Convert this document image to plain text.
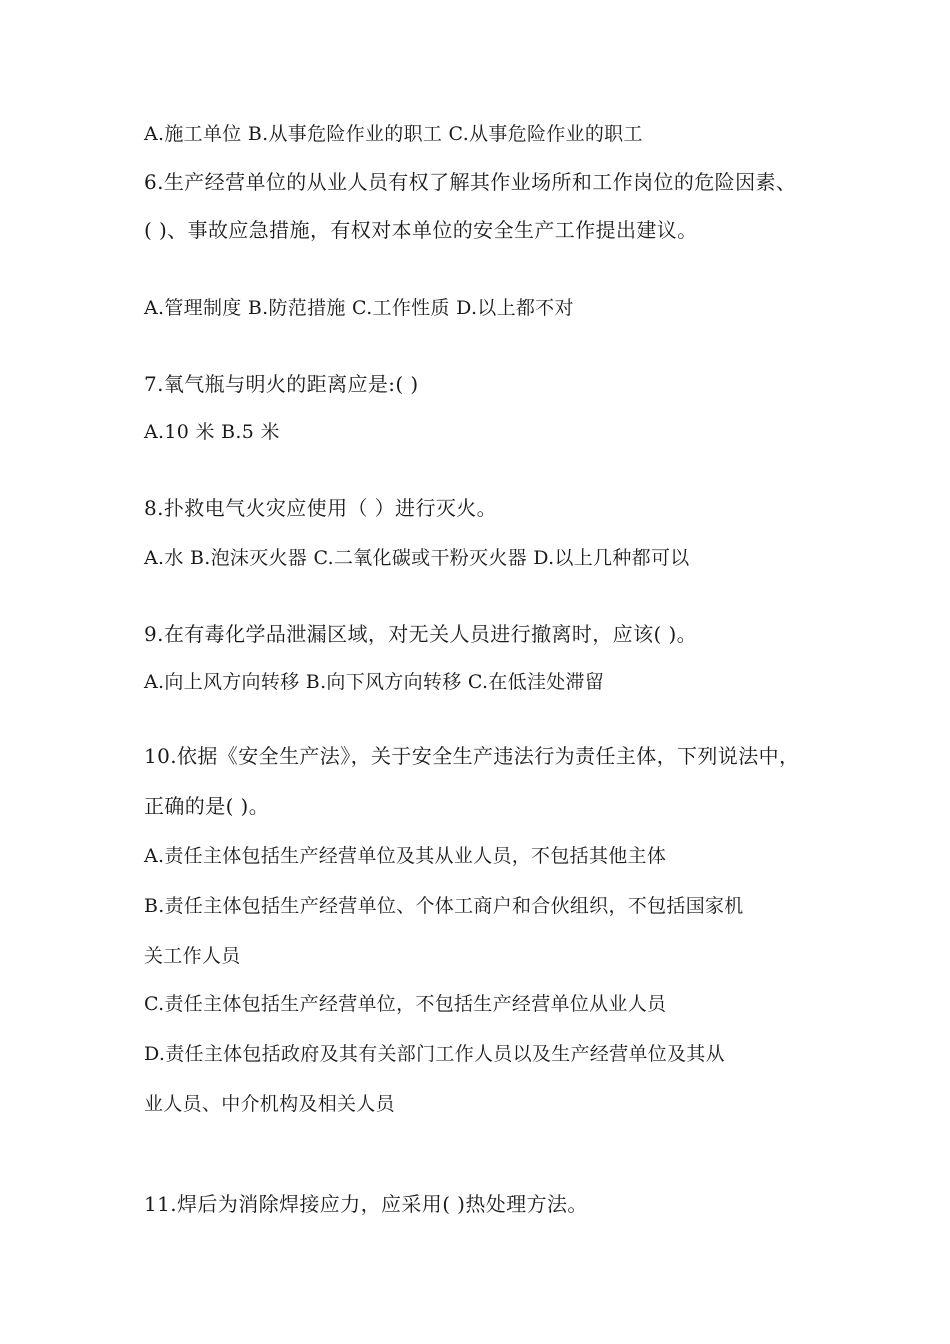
A.施工单位 B.从事危险作业的职工 C.从事危险作业的职工
6.生产经营单位的从业人员有权了解其作业场所和工作岗位的危险因素、
( )、事故应急措施，有权对本单位的安全生产工作提出建议。
A.管理制度 B.防范措施 C.工作性质 D.以上都不对
7.氧气瓶与明火的距离应是:( )
A.10 米 B.5 米
8.扑救电气火灾应使用（ ）进行灭火。
A.水 B.泡沫灭火器 C.二氧化碳或干粉灭火器 D.以上几种都可以
9.在有毒化学品泄漏区域，对无关人员进行撤离时，应该( )。
A.向上风方向转移 B.向下风方向转移 C.在低洼处滞留
10.依据《安全生产法》，关于安全生产违法行为责任主体，下列说法中，
正确的是( )。
A.责任主体包括生产经营单位及其从业人员，不包括其他主体
B.责任主体包括生产经营单位、个体工商户和合伙组织，不包括国家机
关工作人员
C.责任主体包括生产经营单位，不包括生产经营单位从业人员
D.责任主体包括政府及其有关部门工作人员以及生产经营单位及其从
业人员、中介机构及相关人员
11.焊后为消除焊接应力，应采用( )热处理方法。
